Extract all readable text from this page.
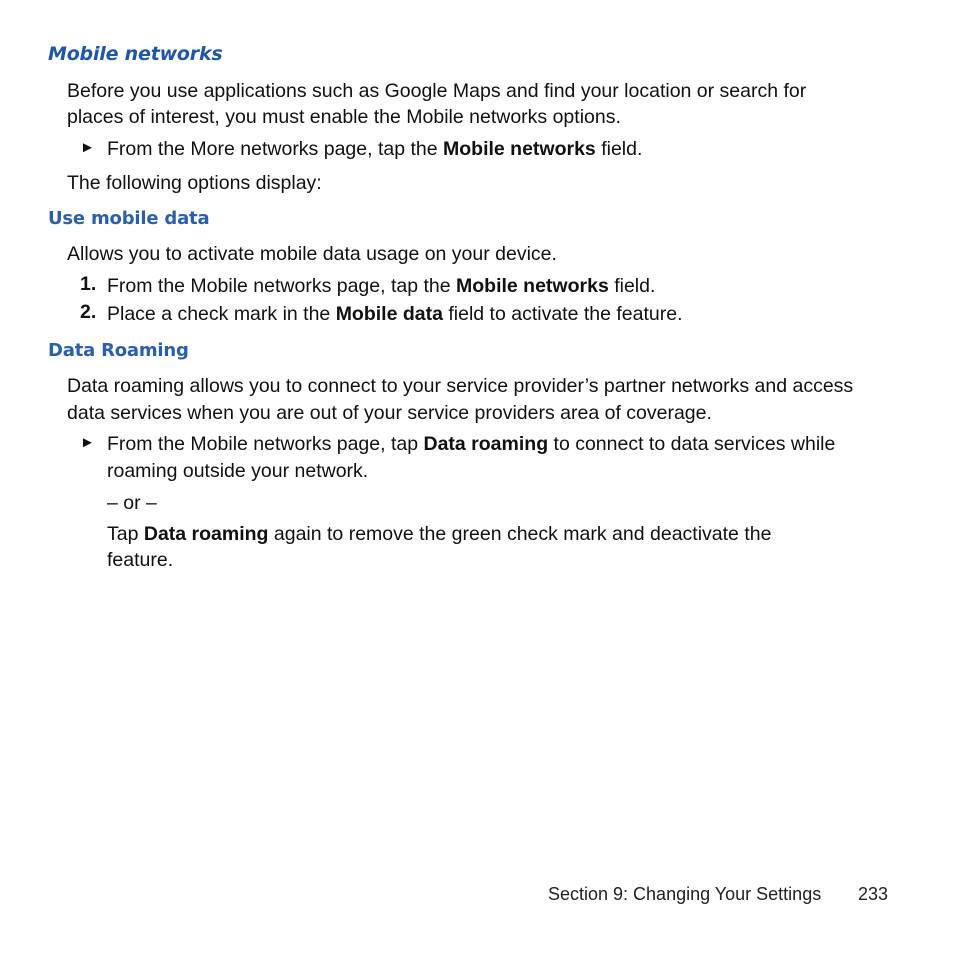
Mobile networks
Before you use applications such as Google Maps and find your location or search for
places of interest, you must enable the Mobile networks options.
► From the More networks page, tap the Mobile networks field.
The following options display:
Use mobile data
Allows you to activate mobile data usage on your device.
1. From the Mobile networks page, tap the Mobile networks field.
2. Place a check mark in the Mobile data field to activate the feature.
Data Roaming
Data roaming allows you to connect to your service provider’s partner networks and access
data services when you are out of your service providers area of coverage.
► From the Mobile networks page, tap Data roaming to connect to data services while
roaming outside your network.
– or –
Tap Data roaming again to remove the green check mark and deactivate the
feature.
Section 9: Changing Your Settings 233
